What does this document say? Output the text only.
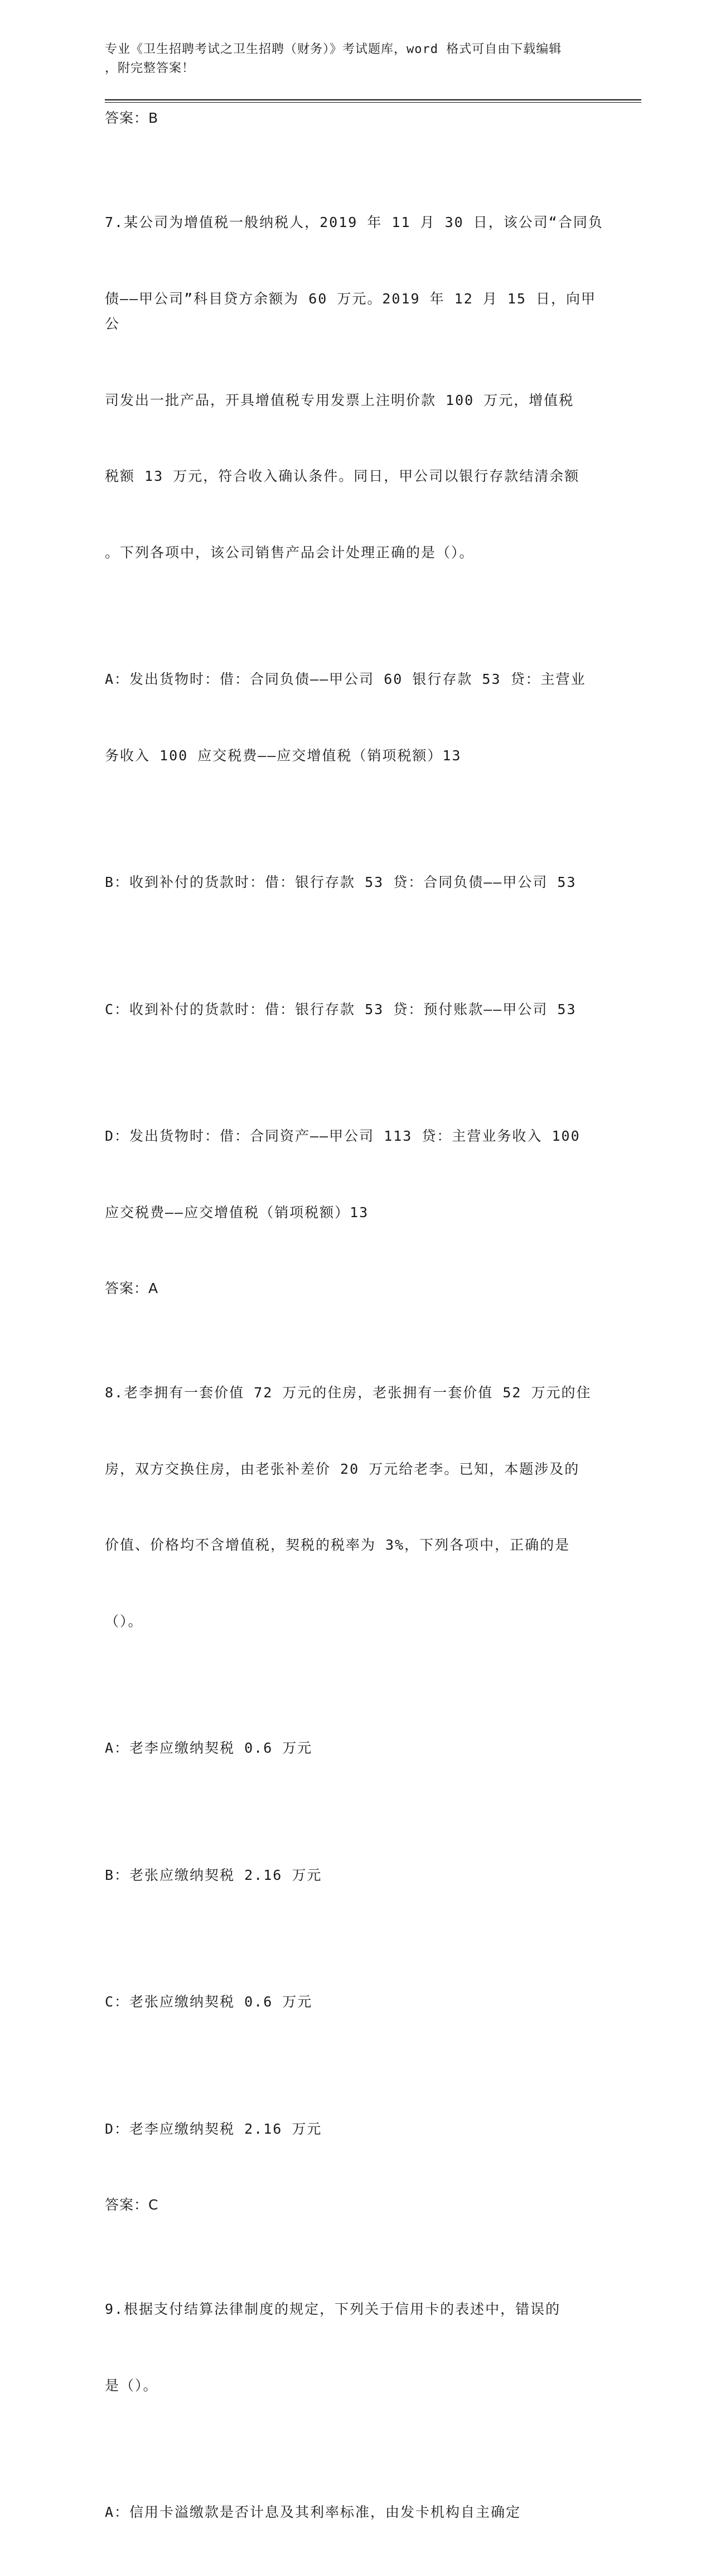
专业《卫生招聘考试之卫生招聘（财务）》考试题库，word 格式可自由下载编辑
，附完整答案！
答案：B

7.某公司为增值税一般纳税人，2019 年 11 月 30 日，该公司“合同负

债——甲公司”科目贷方余额为 60 万元。2019 年 12 月 15 日，向甲公

司发出一批产品，开具增值税专用发票上注明价款 100 万元，增值税

税额 13 万元，符合收入确认条件。同日，甲公司以银行存款结清余额

。下列各项中，该公司销售产品会计处理正确的是（）。

A：发出货物时：借：合同负债——甲公司 60 银行存款 53 贷：主营业

务收入 100 应交税费——应交增值税（销项税额）13

B：收到补付的货款时：借：银行存款 53 贷：合同负债——甲公司 53

C：收到补付的货款时：借：银行存款 53 贷：预付账款——甲公司 53

D：发出货物时：借：合同资产——甲公司 113 贷：主营业务收入 100

应交税费——应交增值税（销项税额）13

答案：A

8.老李拥有一套价值 72 万元的住房，老张拥有一套价值 52 万元的住

房，双方交换住房，由老张补差价 20 万元给老李。已知，本题涉及的

价值、价格均不含增值税，契税的税率为 3%，下列各项中，正确的是

（）。

A：老李应缴纳契税 0.6 万元

B：老张应缴纳契税 2.16 万元

C：老张应缴纳契税 0.6 万元

D：老李应缴纳契税 2.16 万元

答案：C

9.根据支付结算法律制度的规定，下列关于信用卡的表述中，错误的

是（）。

A：信用卡溢缴款是否计息及其利率标准，由发卡机构自主确定
